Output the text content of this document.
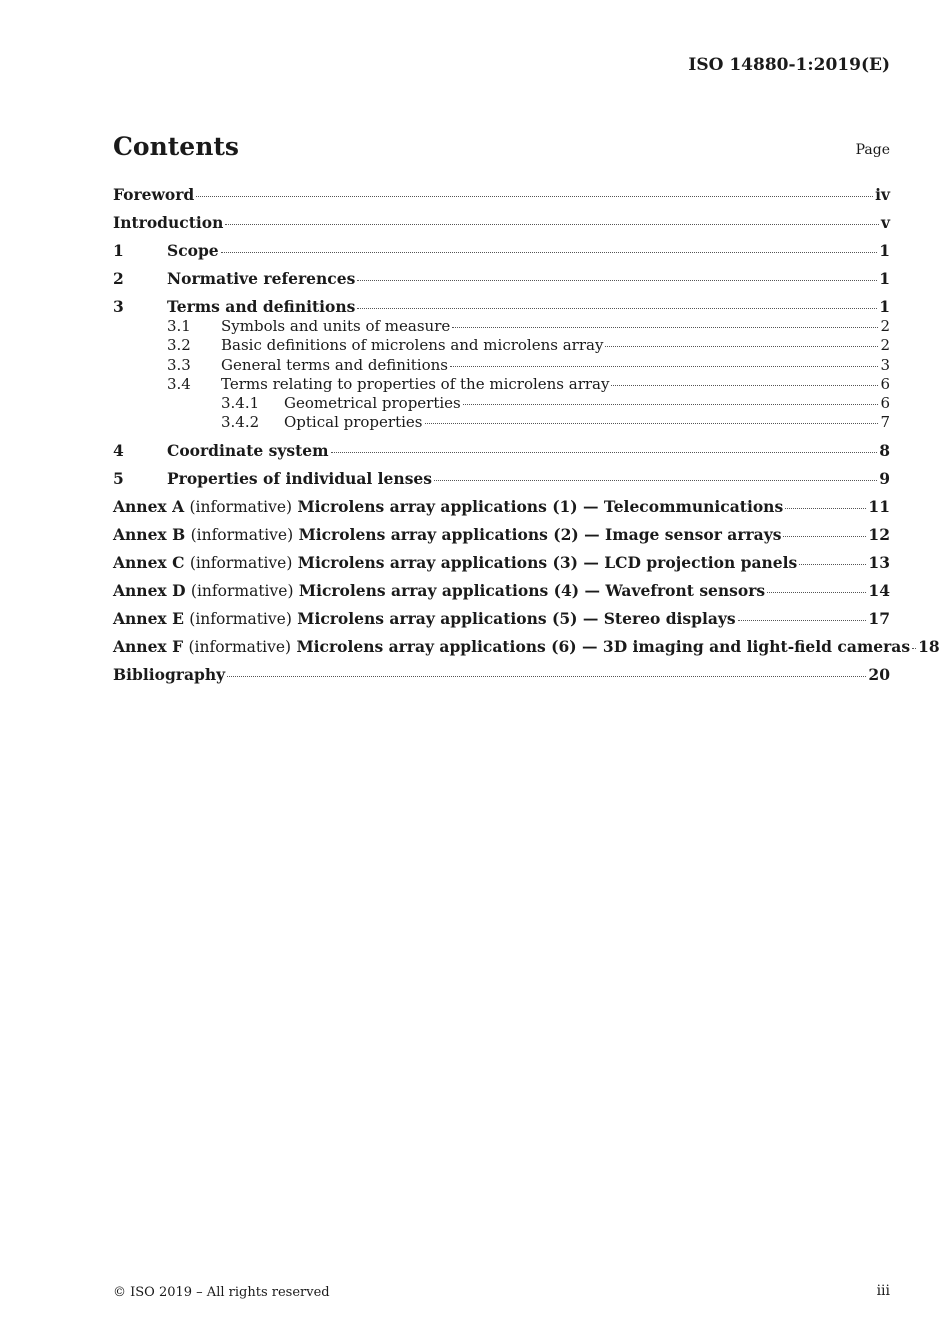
ISO 14880-1:2019(E)
Contents	Page
Foreword	iv
Introduction	v
1	Scope	1
2	Normative references	1
3	Terms and definitions	1
3.1	Symbols and units of measure	2
3.2	Basic definitions of microlens and microlens array	2
3.3	General terms and definitions	3
3.4	Terms relating to properties of the microlens array	6
3.4.1	Geometrical properties	6
3.4.2	Optical properties	7
4	Coordinate system	8
5	Properties of individual lenses	9
Annex A (informative) Microlens array applications (1) — Telecommunications	11
Annex B (informative) Microlens array applications (2) — Image sensor arrays	12
Annex C (informative) Microlens array applications (3) — LCD projection panels	13
Annex D (informative) Microlens array applications (4) — Wavefront sensors	14
Annex E (informative) Microlens array applications (5) — Stereo displays	17
Annex F (informative) Microlens array applications (6) — 3D imaging and light-field cameras 18
Bibliography	20
© ISO 2019 – All rights reserved	iii
